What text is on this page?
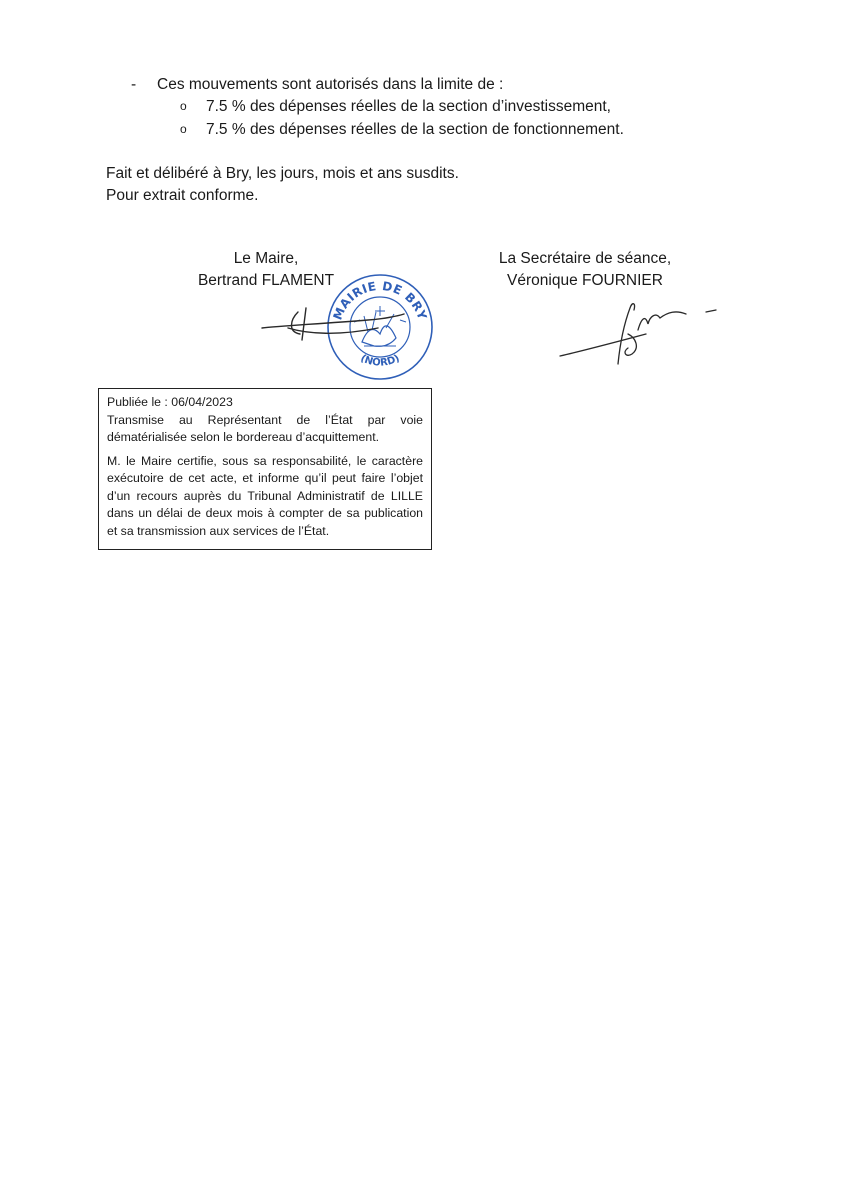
- Ces mouvements sont autorisés dans la limite de :
o 7.5 % des dépenses réelles de la section d’investissement,
o 7.5 % des dépenses réelles de la section de fonctionnement.
Fait et délibéré à Bry, les jours, mois et ans susdits.
Pour extrait conforme.
Le Maire,
Bertrand FLAMENT
La Secrétaire de séance,
Véronique FOURNIER
MAIRIE DE BRY
(NORD)

Publiée le : 06/04/2023

Transmise au Représentant de l’État par voie dématérialisée selon le bordereau d’acquittement.

M. le Maire certifie, sous sa responsabilité, le caractère exécutoire de cet acte, et informe qu’il peut faire l’objet d’un recours auprès du Tribunal Administratif de LILLE dans un délai de deux mois à compter de sa publication et sa transmission aux services de l’État.
